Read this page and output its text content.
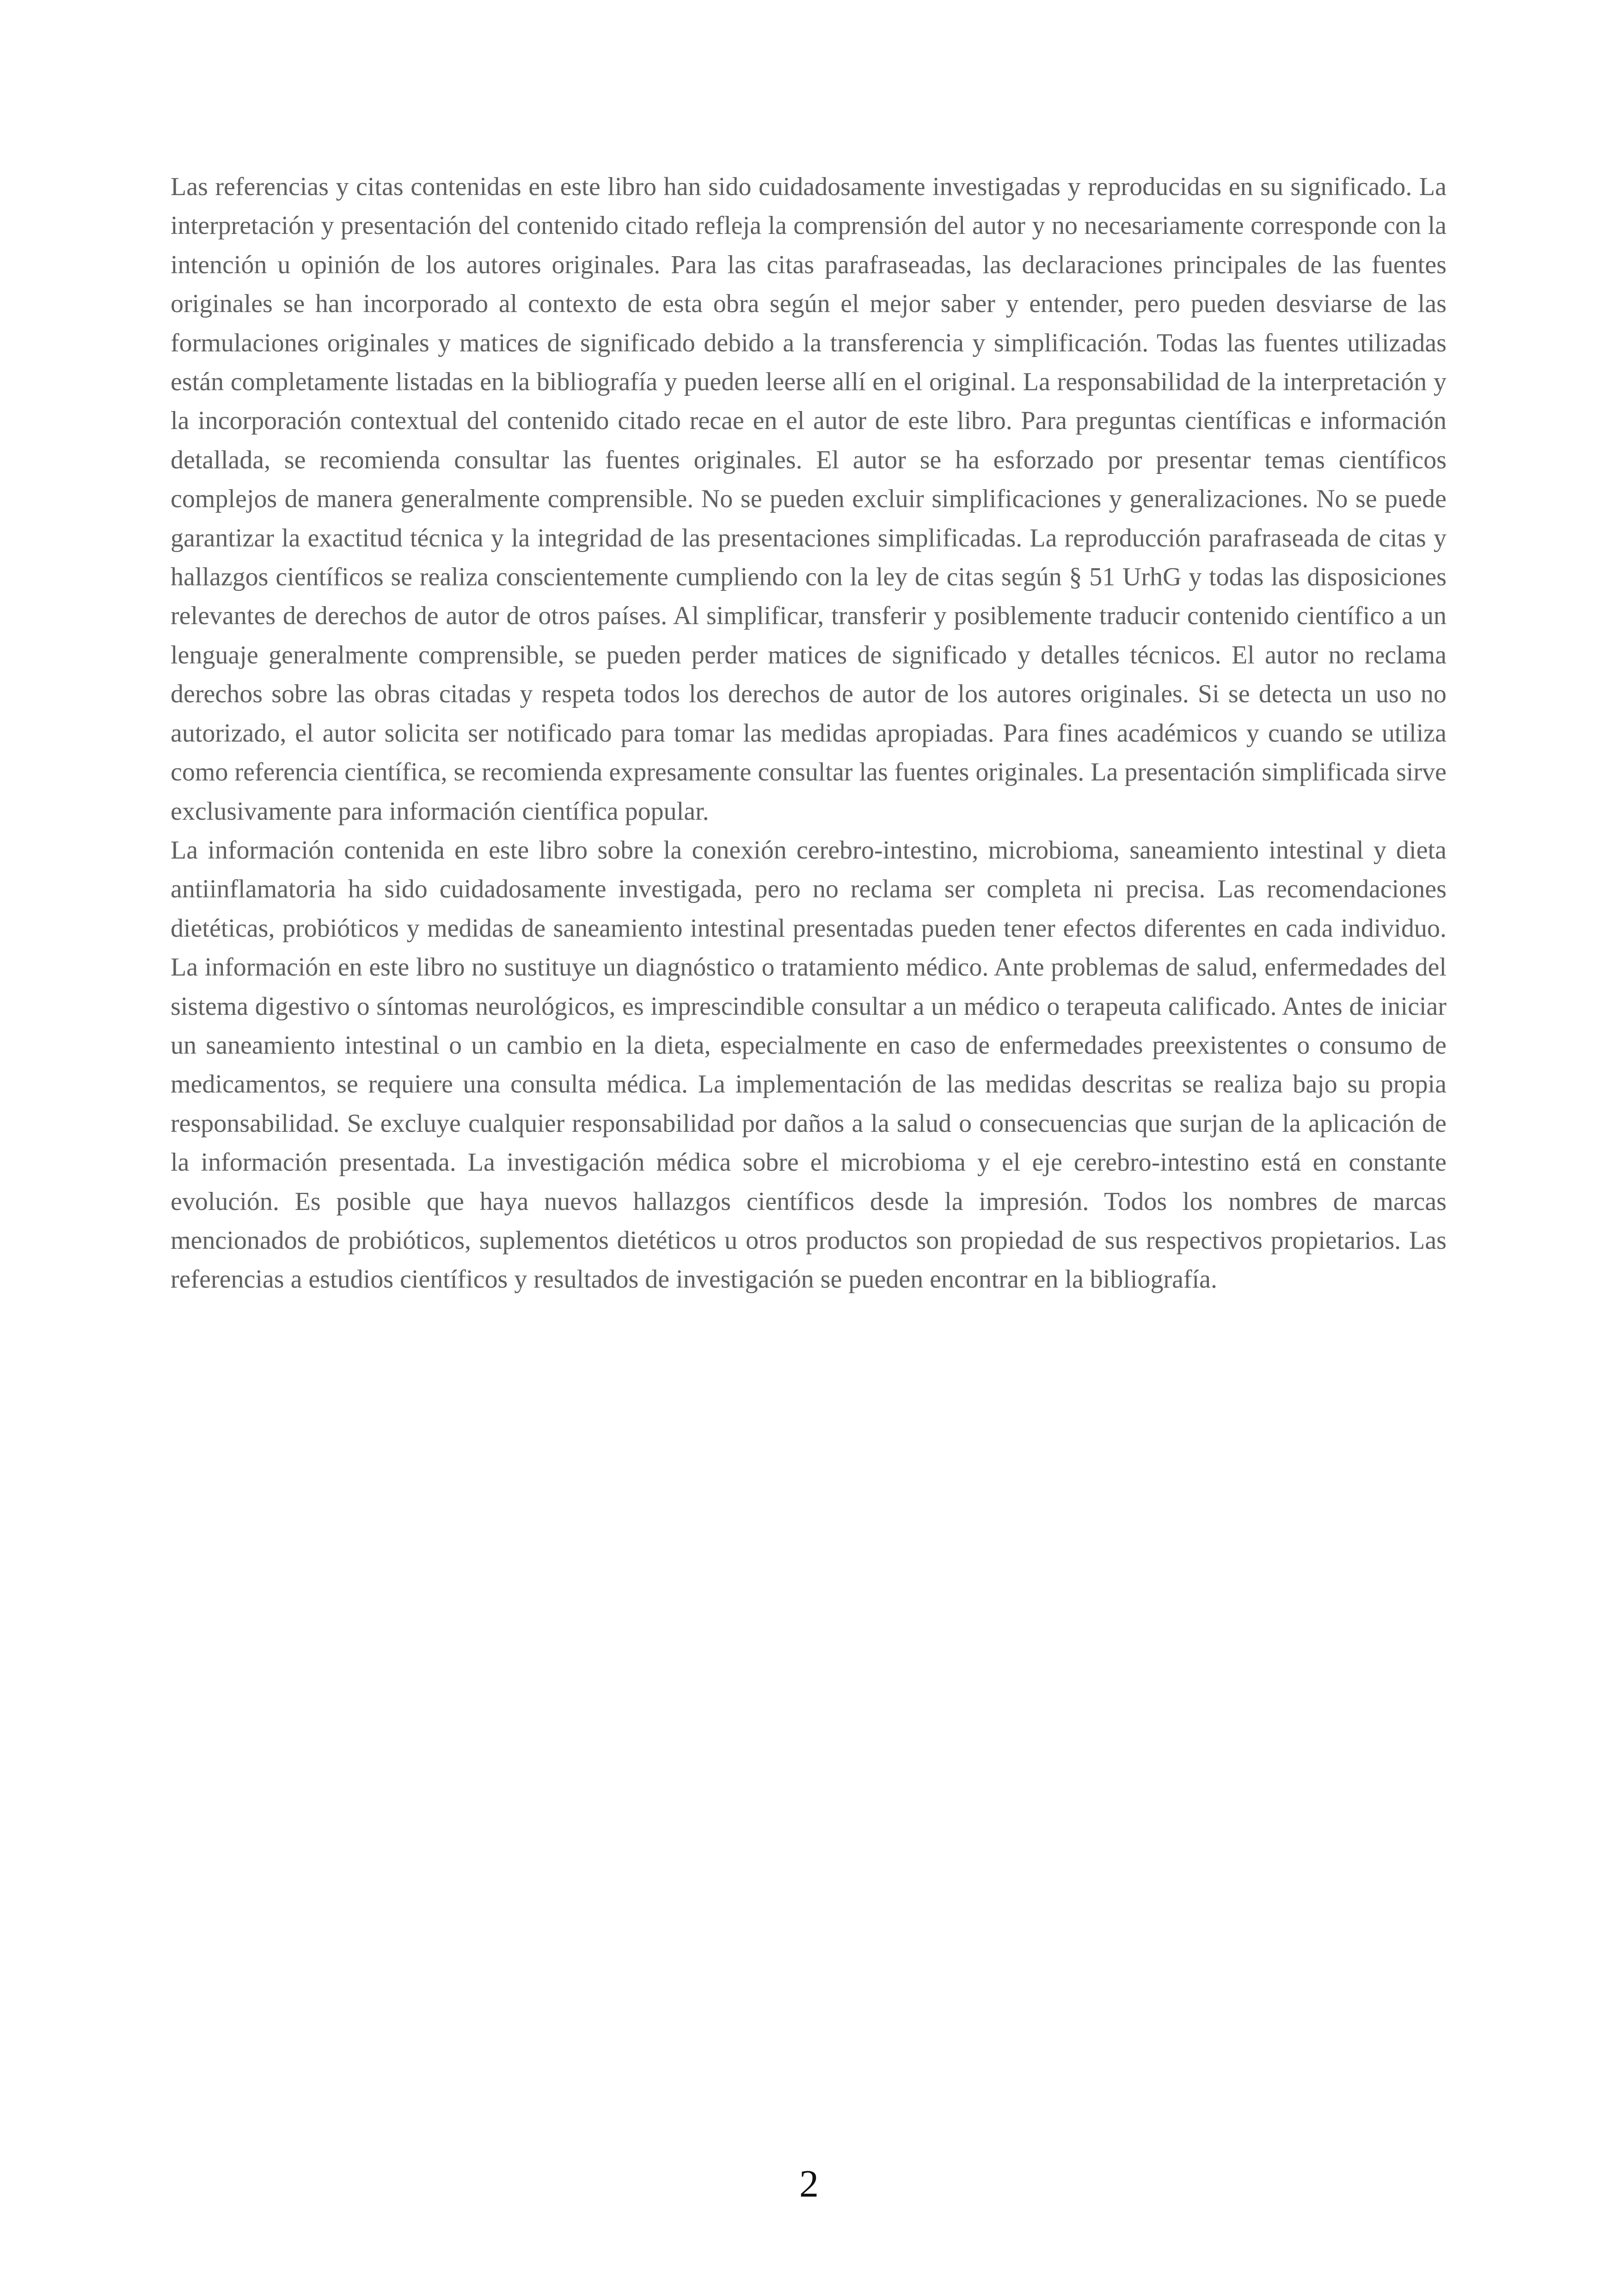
Las referencias y citas contenidas en este libro han sido cuidadosamente investigadas y reproducidas en su significado. La interpretación y presentación del contenido citado refleja la comprensión del autor y no necesariamente corresponde con la intención u opinión de los autores originales. Para las citas parafraseadas, las declaraciones principales de las fuentes originales se han incorporado al contexto de esta obra según el mejor saber y entender, pero pueden desviarse de las formulaciones originales y matices de significado debido a la transferencia y simplificación. Todas las fuentes utilizadas están completamente listadas en la bibliografía y pueden leerse allí en el original. La responsabilidad de la interpretación y la incorporación contextual del contenido citado recae en el autor de este libro. Para preguntas científicas e información detallada, se recomienda consultar las fuentes originales. El autor se ha esforzado por presentar temas científicos complejos de manera generalmente comprensible. No se pueden excluir simplificaciones y generalizaciones. No se puede garantizar la exactitud técnica y la integridad de las presentaciones simplificadas. La reproducción parafraseada de citas y hallazgos científicos se realiza conscientemente cumpliendo con la ley de citas según § 51 UrhG y todas las disposiciones relevantes de derechos de autor de otros países. Al simplificar, transferir y posiblemente traducir contenido científico a un lenguaje generalmente comprensible, se pueden perder matices de significado y detalles técnicos. El autor no reclama derechos sobre las obras citadas y respeta todos los derechos de autor de los autores originales. Si se detecta un uso no autorizado, el autor solicita ser notificado para tomar las medidas apropiadas. Para fines académicos y cuando se utiliza como referencia científica, se recomienda expresamente consultar las fuentes originales. La presentación simplificada sirve exclusivamente para información científica popular.

La información contenida en este libro sobre la conexión cerebro-intestino, microbioma, saneamiento intestinal y dieta antiinflamatoria ha sido cuidadosamente investigada, pero no reclama ser completa ni precisa. Las recomendaciones dietéticas, probióticos y medidas de saneamiento intestinal presentadas pueden tener efectos diferentes en cada individuo. La información en este libro no sustituye un diagnóstico o tratamiento médico. Ante problemas de salud, enfermedades del sistema digestivo o síntomas neurológicos, es imprescindible consultar a un médico o terapeuta calificado. Antes de iniciar un saneamiento intestinal o un cambio en la dieta, especialmente en caso de enfermedades preexistentes o consumo de medicamentos, se requiere una consulta médica. La implementación de las medidas descritas se realiza bajo su propia responsabilidad. Se excluye cualquier responsabilidad por daños a la salud o consecuencias que surjan de la aplicación de la información presentada. La investigación médica sobre el microbioma y el eje cerebro-intestino está en constante evolución. Es posible que haya nuevos hallazgos científicos desde la impresión. Todos los nombres de marcas mencionados de probióticos, suplementos dietéticos u otros productos son propiedad de sus respectivos propietarios. Las referencias a estudios científicos y resultados de investigación se pueden encontrar en la bibliografía.

2
